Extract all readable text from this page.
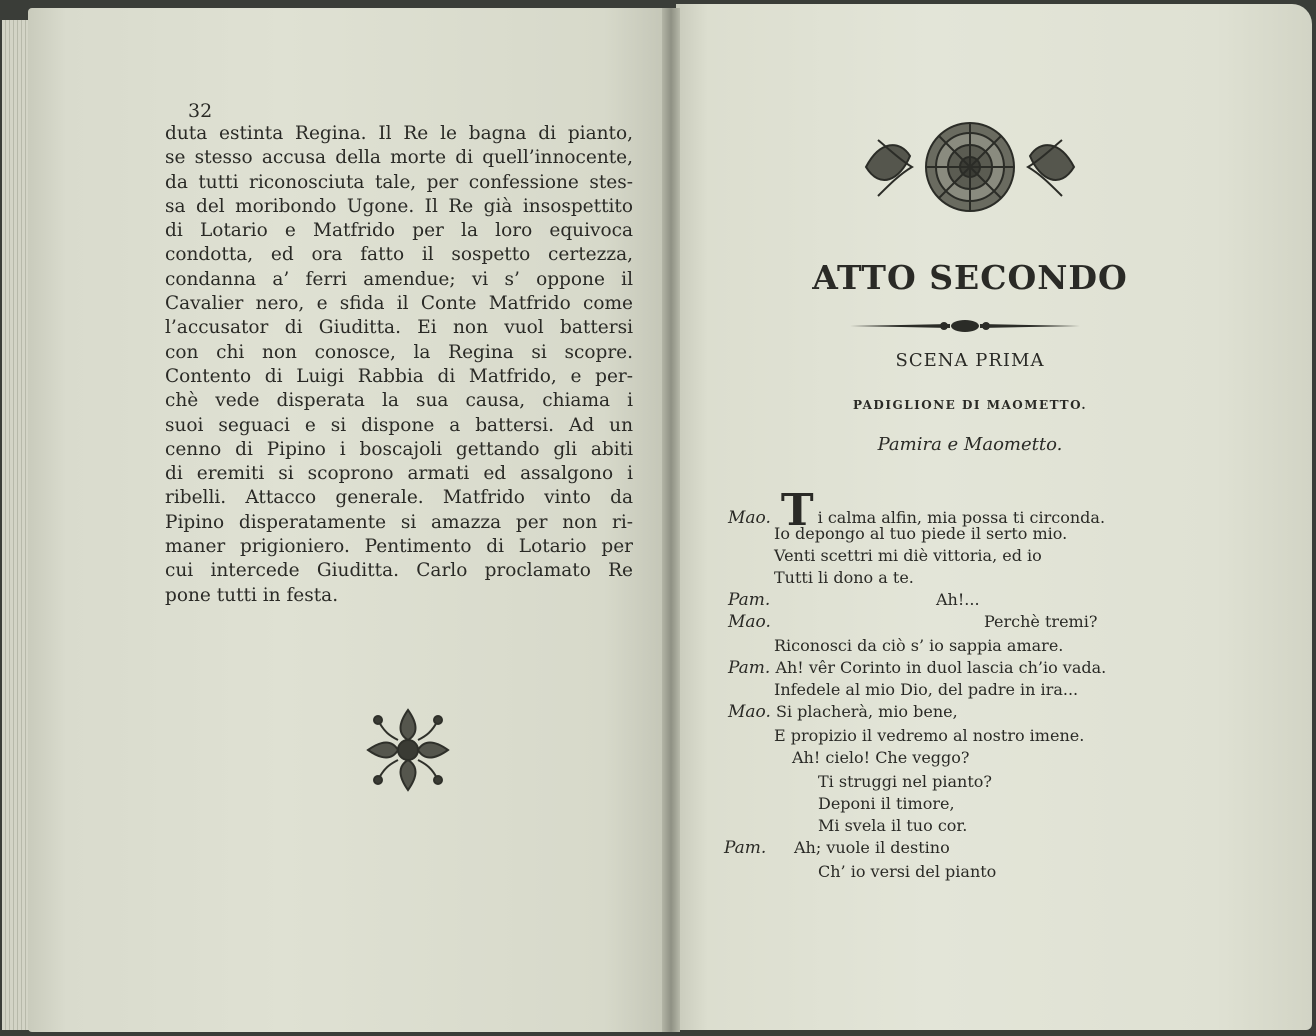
32

duta estinta Regina. Il Re le bagna di pianto,
se stesso accusa della morte di quell’innocente,
da tutti riconosciuta tale, per confessione stes-
sa del moribondo Ugone. Il Re già insospettito
di Lotario e Matfrido per la loro equivoca
condotta, ed ora fatto il sospetto certezza,
condanna a’ ferri amendue; vi s’ oppone il
Cavalier nero, e sfida il Conte Matfrido come
l’accusator di Giuditta. Ei non vuol battersi
con chi non conosce, la Regina si scopre.
Contento di Luigi Rabbia di Matfrido, e per-
chè vede disperata la sua causa, chiama i
suoi seguaci e si dispone a battersi. Ad un
cenno di Pipino i boscajoli gettando gli abiti
di eremiti si scoprono armati ed assalgono i
ribelli. Attacco generale. Matfrido vinto da
Pipino disperatamente si amazza per non ri-
maner prigioniero. Pentimento di Lotario per
cui intercede Giuditta. Carlo proclamato Re
pone tutti in festa.

ATTO SECONDO
SCENA PRIMA
PADIGLIONE DI MAOMETTO.
Pamira e Maometto.
Mao. T i calma alfin, mia possa ti circonda.
Io depongo al tuo piede il serto mio.
Venti scettri mi diè vittoria, ed io
Tutti li dono a te.
Pam.	Ah!...
Mao.	Perchè tremi?
Riconosci da ciò s’ io sappia amare.
Pam. Ah! vêr Corinto in duol lascia ch’io vada.
Infedele al mio Dio, del padre in ira...
Mao. Si placherà, mio bene,
E propizio il vedremo al nostro imene.
Ah! cielo! Che veggo?
Ti struggi nel pianto?
Deponi il timore,
Mi svela il tuo cor.
Pam. Ah; vuole il destino
Ch’ io versi del pianto
